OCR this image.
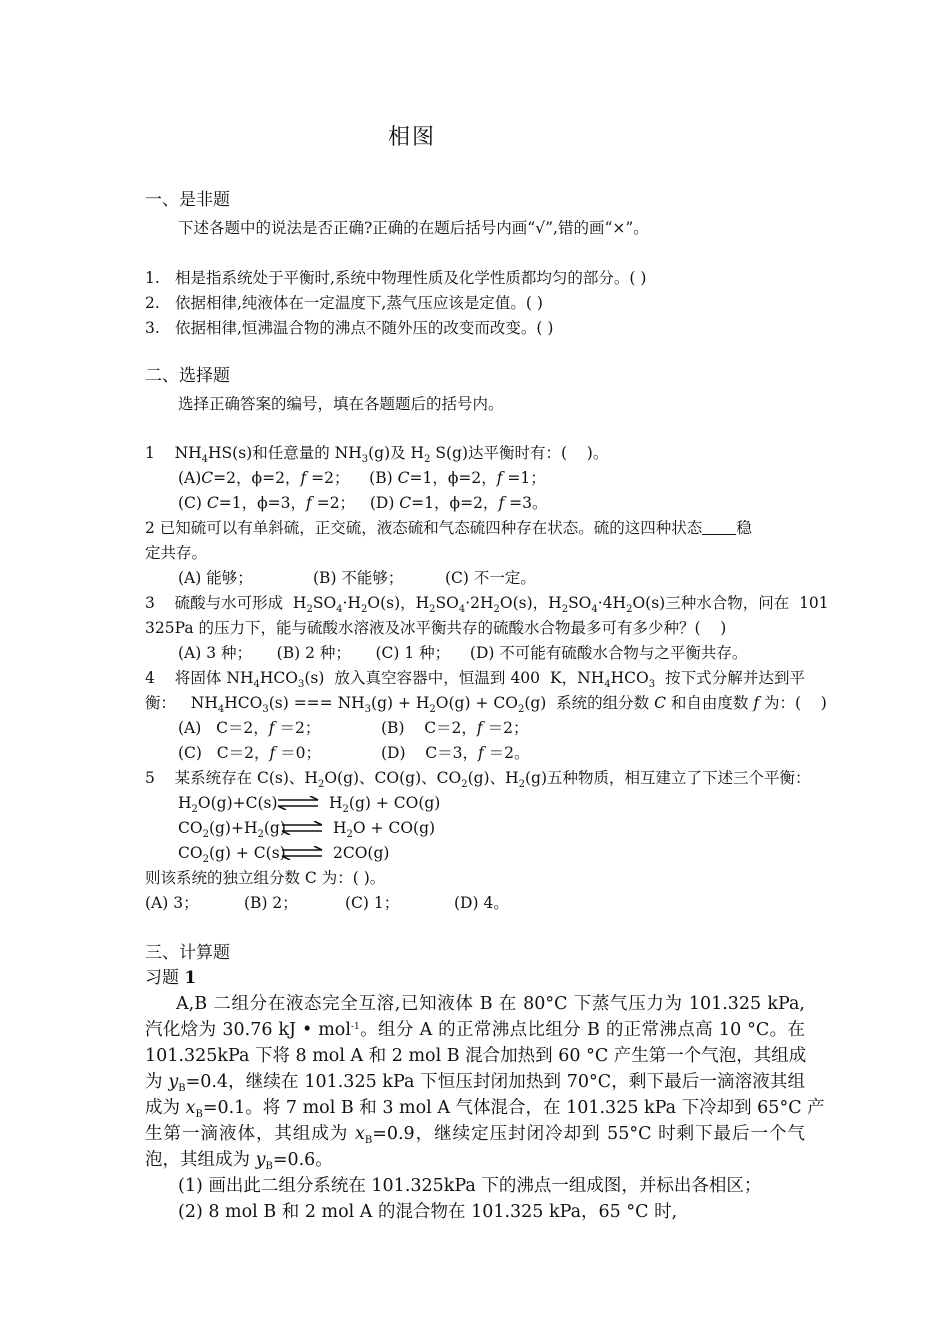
相图
一、是非题
下述各题中的说法是否正确?正确的在题后括号内画“√”,错的画“×”。
1. 相是指系统处于平衡时,系统中物理性质及化学性质都均匀的部分。( )
2. 依据相律,纯液体在一定温度下,蒸气压应该是定值。( )
3. 依据相律,恒沸温合物的沸点不随外压的改变而改变。( )
二、选择题
选择正确答案的编号，填在各题题后的括号内。
1    $NH_4HS(s)$和任意量的 $NH_3(g)$及 $H_2$ S(g)达平衡时有：(    )。
(A)C=2，ϕ=2，f =2；    (B) C=1，ϕ=2，f =1；
(C) C=1，ϕ=3，f =2；   (D) C=1，ϕ=2，f =3。
2 已知硫可以有单斜硫，正交硫，液态硫和气态硫四种存在状态。硫的这四种状态 稳
定共存。
(A) 能够；	(B) 不能够；	(C) 不一定。
3    硫酸与水可形成  $H_2SO_4\cdot H_2O(s)$，$H_2SO_4\cdot 2H_2O(s)$，$H_2SO_4\cdot 4H_2O(s)$三种水合物，问在  101
325Pa 的压力下，能与硫酸水溶液及冰平衡共存的硫酸水合物最多可有多少种？(    )
(A) 3 种； (B) 2 种； (C) 1 种； (D) 不可能有硫酸水合物与之平衡共存。
4    将固体 $NH_4HCO_3(s)$  放入真空容器中，恒温到 400  K，$NH_4HCO_3$  按下式分解并达到平
衡：   $NH_4HCO_3(s)$ === $NH_3(g) + H_2O(g) + CO_2(g)$  系统的组分数 C 和自由度数 f 为：(    )
(A)   C＝2，f ＝2；	(B)    C＝2，f ＝2；
(C)   C＝2，f ＝0；	(D)    C＝3，f ＝2。
5    某系统存在 C(s)、$H_2O(g)$、CO(g)、$CO_2(g)$、$H_2(g)$五种物质，相互建立了下述三个平衡：
$H_2O(g)+C(s)$ ⇌ $H_2(g) + CO(g)$
$CO_2(g)+H_2(g)$ ⇌ $H_2O + CO(g)$
$CO_2(g) + C(s)$ ⇌ 2CO(g)
则该系统的独立组分数 C 为：( )。
(A) 3；	(B) 2；	(C) 1；	(D) 4。
三、计算题
习题 1
A,B 二组分在液态完全互溶,已知液体 B 在 80°C 下蒸气压力为 101.325 kPa,
汽化焓为 30.76 kJ • mol$^{-1}$。组分 A 的正常沸点比组分 B 的正常沸点高 10 °C。在
101.325kPa 下将 8 mol A 和 2 mol B 混合加热到 60 °C 产生第一个气泡，其组成
为 $y_B=0.4$，继续在 101.325 kPa 下恒压封闭加热到 70°C，剩下最后一滴溶液其组
成为 $x_B=0.1$。将 7 mol B 和 3 mol A 气体混合，在 101.325 kPa 下冷却到 65°C 产
生第一滴液体，其组成为 $x_B=0.9$，继续定压封闭冷却到 55°C 时剩下最后一个气
泡，其组成为 $y_B=0.6$。
(1) 画出此二组分系统在 101.325kPa 下的沸点一组成图，并标出各相区；
(2) 8 mol B 和 2 mol A 的混合物在 101.325 kPa，65 °C 时,
